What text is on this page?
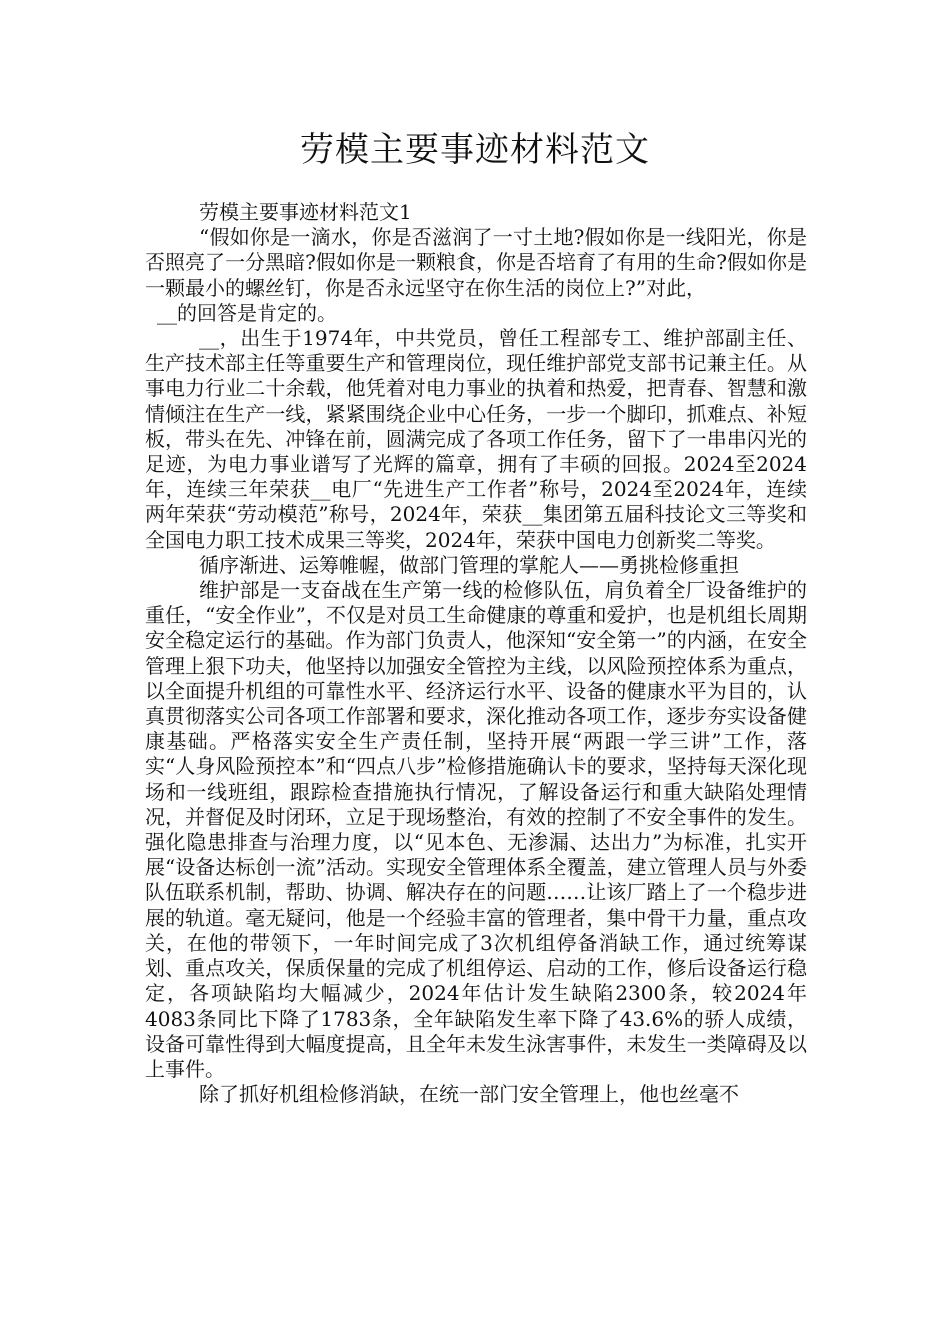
劳模主要事迹材料范文

劳模主要事迹材料范文1

“假如你是一滴水，你是否滋润了一寸土地?假如你是一线阳光，你是否照亮了一分黑暗?假如你是一颗粮食，你是否培育了有用的生命?假如你是一颗最小的螺丝钉，你是否永远坚守在你生活的岗位上?”对此，

__的回答是肯定的。

__，出生于1974年，中共党员，曾任工程部专工、维护部副主任、生产技术部主任等重要生产和管理岗位，现任维护部党支部书记兼主任。从事电力行业二十余载，他凭着对电力事业的执着和热爱，把青春、智慧和激情倾注在生产一线，紧紧围绕企业中心任务，一步一个脚印，抓难点、补短板，带头在先、冲锋在前，圆满完成了各项工作任务，留下了一串串闪光的足迹，为电力事业谱写了光辉的篇章，拥有了丰硕的回报。2024至2024年，连续三年荣获__电厂“先进生产工作者”称号，2024至2024年，连续两年荣获“劳动模范”称号，2024年，荣获__集团第五届科技论文三等奖和全国电力职工技术成果三等奖，2024年，荣获中国电力创新奖二等奖。

循序渐进、运筹帷幄，做部门管理的掌舵人——勇挑检修重担

维护部是一支奋战在生产第一线的检修队伍，肩负着全厂设备维护的重任，“安全作业”，不仅是对员工生命健康的尊重和爱护，也是机组长周期安全稳定运行的基础。作为部门负责人，他深知“安全第一”的内涵，在安全管理上狠下功夫，他坚持以加强安全管控为主线，以风险预控体系为重点，以全面提升机组的可靠性水平、经济运行水平、设备的健康水平为目的，认真贯彻落实公司各项工作部署和要求，深化推动各项工作，逐步夯实设备健康基础。严格落实安全生产责任制，坚持开展“两跟一学三讲”工作，落实“人身风险预控本”和“四点八步”检修措施确认卡的要求，坚持每天深化现场和一线班组，跟踪检查措施执行情况，了解设备运行和重大缺陷处理情况，并督促及时闭环，立足于现场整治，有效的控制了不安全事件的发生。强化隐患排查与治理力度，以“见本色、无渗漏、达出力”为标准，扎实开展“设备达标创一流”活动。实现安全管理体系全覆盖，建立管理人员与外委队伍联系机制，帮助、协调、解决存在的问题……让该厂踏上了一个稳步进展的轨道。毫无疑问，他是一个经验丰富的管理者，集中骨干力量，重点攻关，在他的带领下，一年时间完成了3次机组停备消缺工作，通过统筹谋划、重点攻关，保质保量的完成了机组停运、启动的工作，修后设备运行稳定，各项缺陷均大幅减少，2024年估计发生缺陷2300条，较2024年4083条同比下降了1783条，全年缺陷发生率下降了43.6%的骄人成绩，设备可靠性得到大幅度提高，且全年未发生泳害事件，未发生一类障碍及以上事件。

除了抓好机组检修消缺，在统一部门安全管理上，他也丝毫不
